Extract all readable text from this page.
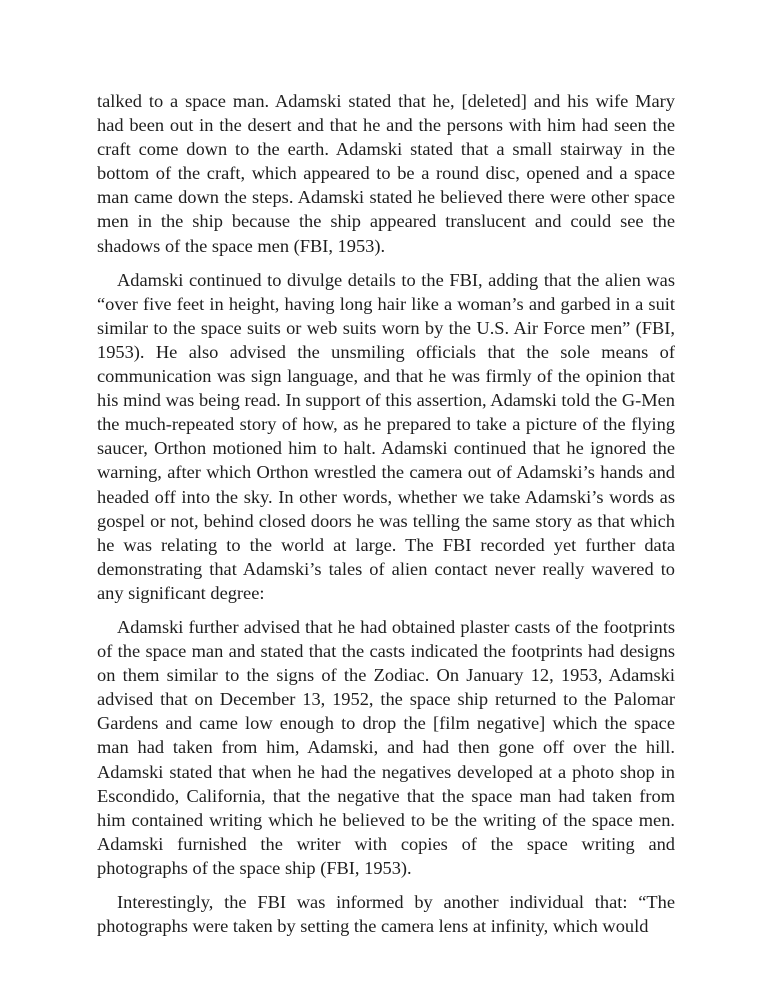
talked to a space man. Adamski stated that he, [deleted] and his wife Mary had been out in the desert and that he and the persons with him had seen the craft come down to the earth. Adamski stated that a small stairway in the bottom of the craft, which appeared to be a round disc, opened and a space man came down the steps. Adamski stated he believed there were other space men in the ship because the ship appeared translucent and could see the shadows of the space men (FBI, 1953).

Adamski continued to divulge details to the FBI, adding that the alien was “over five feet in height, having long hair like a woman’s and garbed in a suit similar to the space suits or web suits worn by the U.S. Air Force men” (FBI, 1953). He also advised the unsmiling officials that the sole means of communication was sign language, and that he was firmly of the opinion that his mind was being read. In support of this assertion, Adamski told the G-Men the much-repeated story of how, as he prepared to take a picture of the flying saucer, Orthon motioned him to halt. Adamski continued that he ignored the warning, after which Orthon wrestled the camera out of Adamski’s hands and headed off into the sky. In other words, whether we take Adamski’s words as gospel or not, behind closed doors he was telling the same story as that which he was relating to the world at large. The FBI recorded yet further data demonstrating that Adamski’s tales of alien contact never really wavered to any significant degree:

Adamski further advised that he had obtained plaster casts of the footprints of the space man and stated that the casts indicated the footprints had designs on them similar to the signs of the Zodiac. On January 12, 1953, Adamski advised that on December 13, 1952, the space ship returned to the Palomar Gardens and came low enough to drop the [film negative] which the space man had taken from him, Adamski, and had then gone off over the hill. Adamski stated that when he had the negatives developed at a photo shop in Escondido, California, that the negative that the space man had taken from him contained writing which he believed to be the writing of the space men. Adamski furnished the writer with copies of the space writing and photographs of the space ship (FBI, 1953).

Interestingly, the FBI was informed by another individual that: “The photographs were taken by setting the camera lens at infinity, which would
